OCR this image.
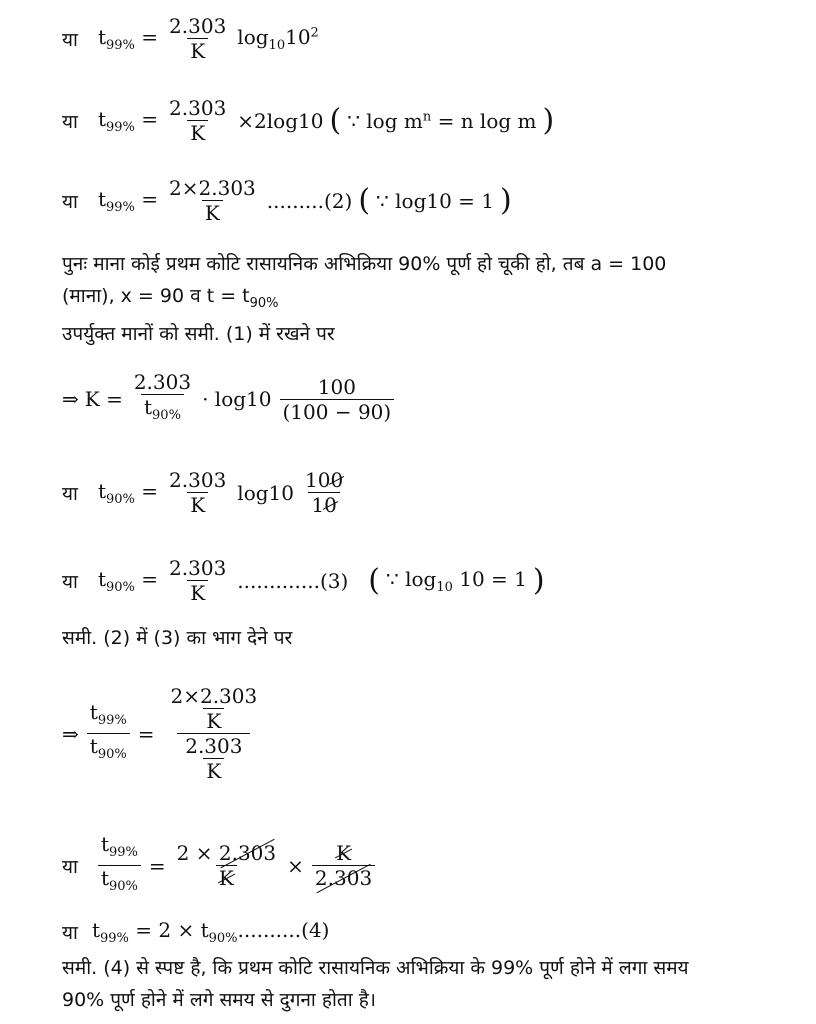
या $t_{99\%} = \frac{2.303}{K} \log_{10}10^2$
या $t_{99\%} = \frac{2.303}{K} \times 2\log 10$ ( ∵ $\log m^n = n$ log m )
या $t_{99\%} = \frac{2\times 2.303}{K} .........(2)$ ( ∵ log10 = 1 )
पुनः माना कोई प्रथम कोटि रासायनिक अभिक्रिया 90% पूर्ण हो चूकी हो, तब a = 100
(माना), x = 90 व $t = t_{90\%}$
उपर्युक्त मानों को समी. (1) में रखने पर
⇒ $K = \frac{2.303}{t_{90\%}} \cdot \log 10 \frac{100}{(100 - 90)}$
या $t_{90\%} = \frac{2.303}{K} \log 10 \frac{100}{10}$
या $t_{90\%} = \frac{2.303}{K} .............(3)$ ( ∵ $\log_{10} 10 = 1$ )
समी. (2) में (3) का भाग देने पर
⇒ $\frac{t_{99\%}}{t_{90\%}} = \frac{\frac{2\times 2.303}{K}}{\frac{2.303}{K}}$
या $\frac{t_{99\%}}{t_{90\%}} = \frac{2 \times 2.303}{K} \times \frac{K}{2.303}$
या $t_{99\%} = 2 \times t_{90\%}..........(4)$
समी. (4) से स्पष्ट है, कि प्रथम कोटि रासायनिक अभिक्रिया के 99% पूर्ण होने में लगा समय
90% पूर्ण होने में लगे समय से दुगना होता है।
